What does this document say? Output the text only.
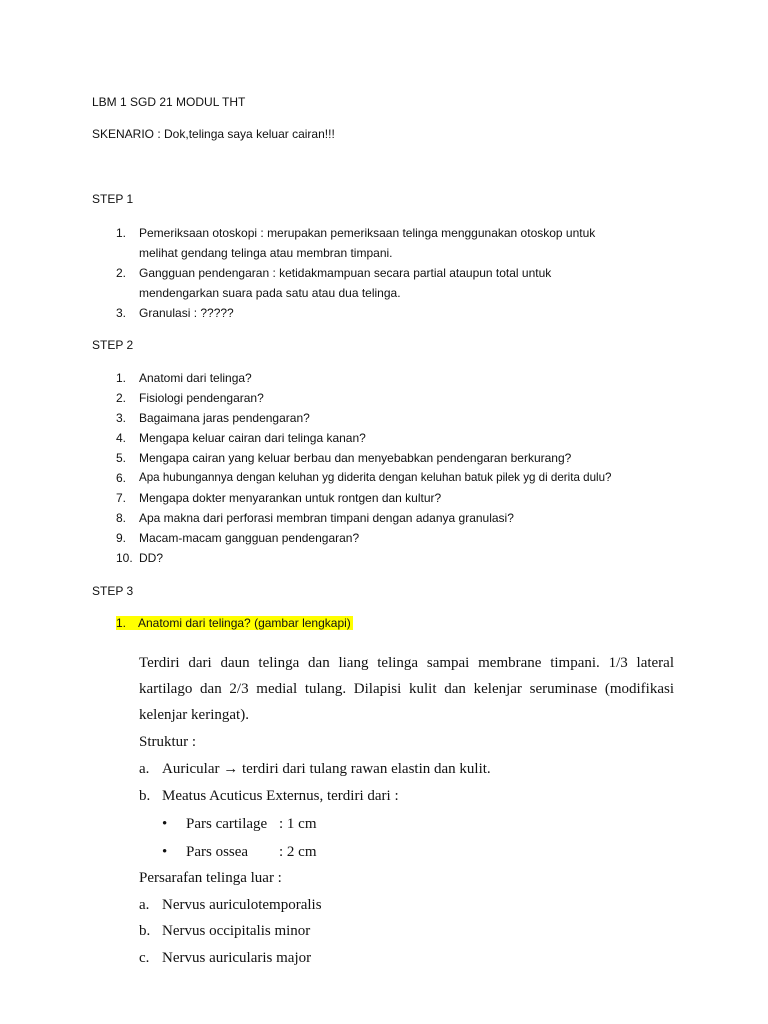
LBM 1 SGD 21 MODUL THT
SKENARIO : Dok,telinga saya keluar cairan!!!
STEP 1
1. Pemeriksaan otoskopi : merupakan pemeriksaan telinga menggunakan otoskop untuk
melihat gendang telinga atau membran timpani.
2. Gangguan pendengaran : ketidakmampuan secara partial ataupun total untuk
mendengarkan suara pada satu atau dua telinga.
3. Granulasi : ?????
STEP 2
1. Anatomi dari telinga?
2. Fisiologi pendengaran?
3. Bagaimana jaras pendengaran?
4. Mengapa keluar cairan dari telinga kanan?
5. Mengapa cairan yang keluar berbau dan menyebabkan pendengaran berkurang?
6. Apa hubungannya dengan keluhan yg diderita dengan keluhan batuk pilek yg di derita dulu?
7. Mengapa dokter menyarankan untuk rontgen dan kultur?
8. Apa makna dari perforasi membran timpani dengan adanya granulasi?
9. Macam-macam gangguan pendengaran?
10. DD?
STEP 3
1. Anatomi dari telinga? (gambar lengkapi)
Terdiri dari daun telinga dan liang telinga sampai membrane timpani. 1/3 lateral
kartilago dan 2/3 medial tulang. Dilapisi kulit dan kelenjar seruminase (modifikasi
kelenjar keringat).
Struktur :
a. Auricular → terdiri dari tulang rawan elastin dan kulit.
b. Meatus Acuticus Externus, terdiri dari :
• Pars cartilage : 1 cm
• Pars ossea : 2 cm
Persarafan telinga luar :
a. Nervus auriculotemporalis
b. Nervus occipitalis minor
c. Nervus auricularis major
